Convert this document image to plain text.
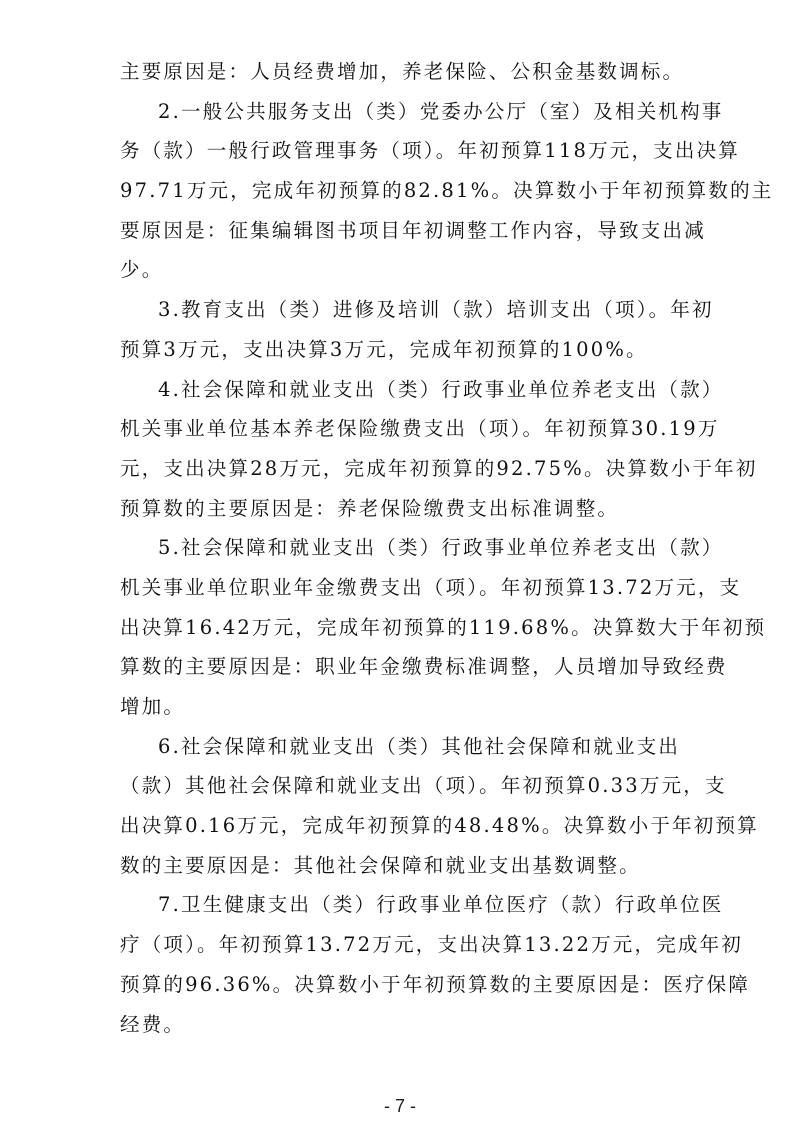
主要原因是：人员经费增加，养老保险、公积金基数调标。
2.一般公共服务支出（类）党委办公厅（室）及相关机构事
务（款）一般行政管理事务（项）。年初预算118万元，支出决算
97.71万元，完成年初预算的82.81%。决算数小于年初预算数的主
要原因是：征集编辑图书项目年初调整工作内容，导致支出减
少。
3.教育支出（类）进修及培训（款）培训支出（项）。年初
预算3万元，支出决算3万元，完成年初预算的100%。
4.社会保障和就业支出（类）行政事业单位养老支出（款）
机关事业单位基本养老保险缴费支出（项）。年初预算30.19万
元，支出决算28万元，完成年初预算的92.75%。决算数小于年初
预算数的主要原因是：养老保险缴费支出标准调整。
5.社会保障和就业支出（类）行政事业单位养老支出（款）
机关事业单位职业年金缴费支出（项）。年初预算13.72万元，支
出决算16.42万元，完成年初预算的119.68%。决算数大于年初预
算数的主要原因是：职业年金缴费标准调整，人员增加导致经费
增加。
6.社会保障和就业支出（类）其他社会保障和就业支出
（款）其他社会保障和就业支出（项）。年初预算0.33万元，支
出决算0.16万元，完成年初预算的48.48%。决算数小于年初预算
数的主要原因是：其他社会保障和就业支出基数调整。
7.卫生健康支出（类）行政事业单位医疗（款）行政单位医
疗（项）。年初预算13.72万元，支出决算13.22万元，完成年初
预算的96.36%。决算数小于年初预算数的主要原因是：医疗保障
经费。
- 7 -
